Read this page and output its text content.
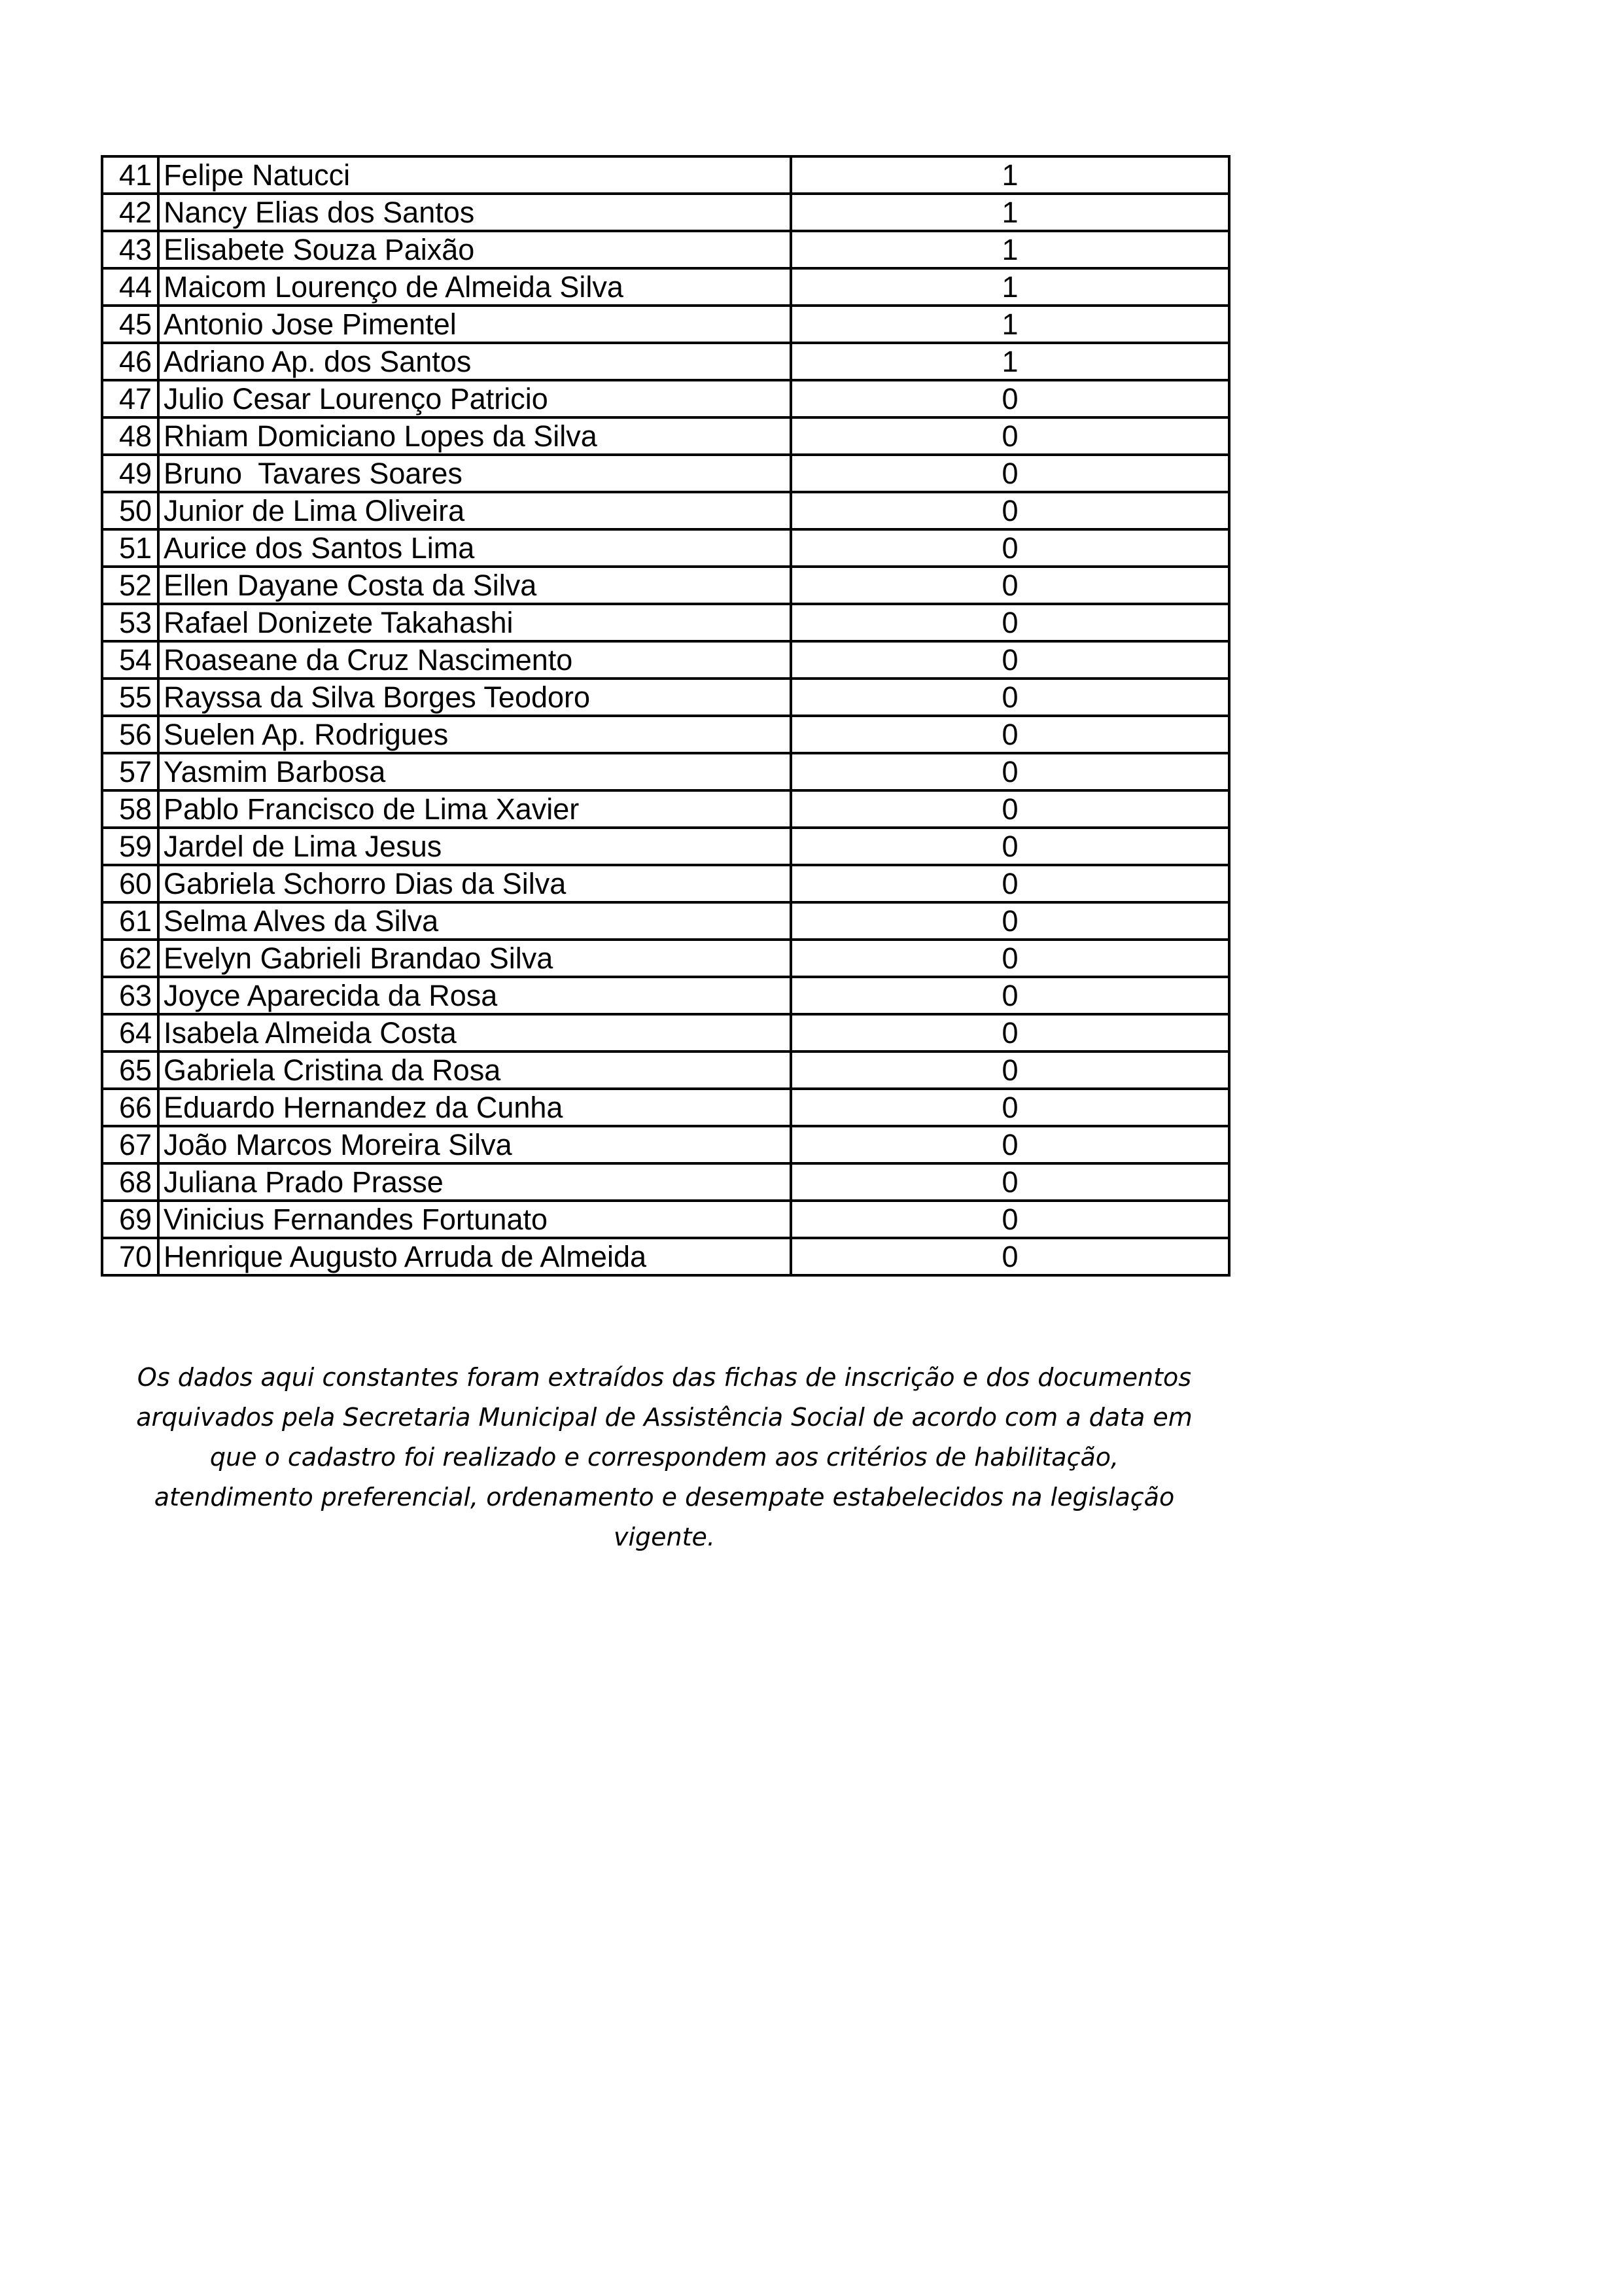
41	Felipe Natucci	1
42	Nancy Elias dos Santos	1
43	Elisabete Souza Paixão	1
44	Maicom Lourenço de Almeida Silva	1
45	Antonio Jose Pimentel	1
46	Adriano Ap. dos Santos	1
47	Julio Cesar Lourenço Patricio	0
48	Rhiam Domiciano Lopes da Silva	0
49	Bruno  Tavares Soares	0
50	Junior de Lima Oliveira	0
51	Aurice dos Santos Lima	0
52	Ellen Dayane Costa da Silva	0
53	Rafael Donizete Takahashi	0
54	Roaseane da Cruz Nascimento	0
55	Rayssa da Silva Borges Teodoro	0
56	Suelen Ap. Rodrigues	0
57	Yasmim Barbosa	0
58	Pablo Francisco de Lima Xavier	0
59	Jardel de Lima Jesus	0
60	Gabriela Schorro Dias da Silva	0
61	Selma Alves da Silva	0
62	Evelyn Gabrieli Brandao Silva	0
63	Joyce Aparecida da Rosa	0
64	Isabela Almeida Costa	0
65	Gabriela Cristina da Rosa	0
66	Eduardo Hernandez da Cunha	0
67	João Marcos Moreira Silva	0
68	Juliana Prado Prasse	0
69	Vinicius Fernandes Fortunato	0
70	Henrique Augusto Arruda de Almeida	0
Os dados aqui constantes foram extraídos das fichas de inscrição e dos documentos
arquivados pela Secretaria Municipal de Assistência Social de acordo com a data em
que o cadastro foi realizado e correspondem aos critérios de habilitação,
atendimento preferencial, ordenamento e desempate estabelecidos na legislação
vigente.
